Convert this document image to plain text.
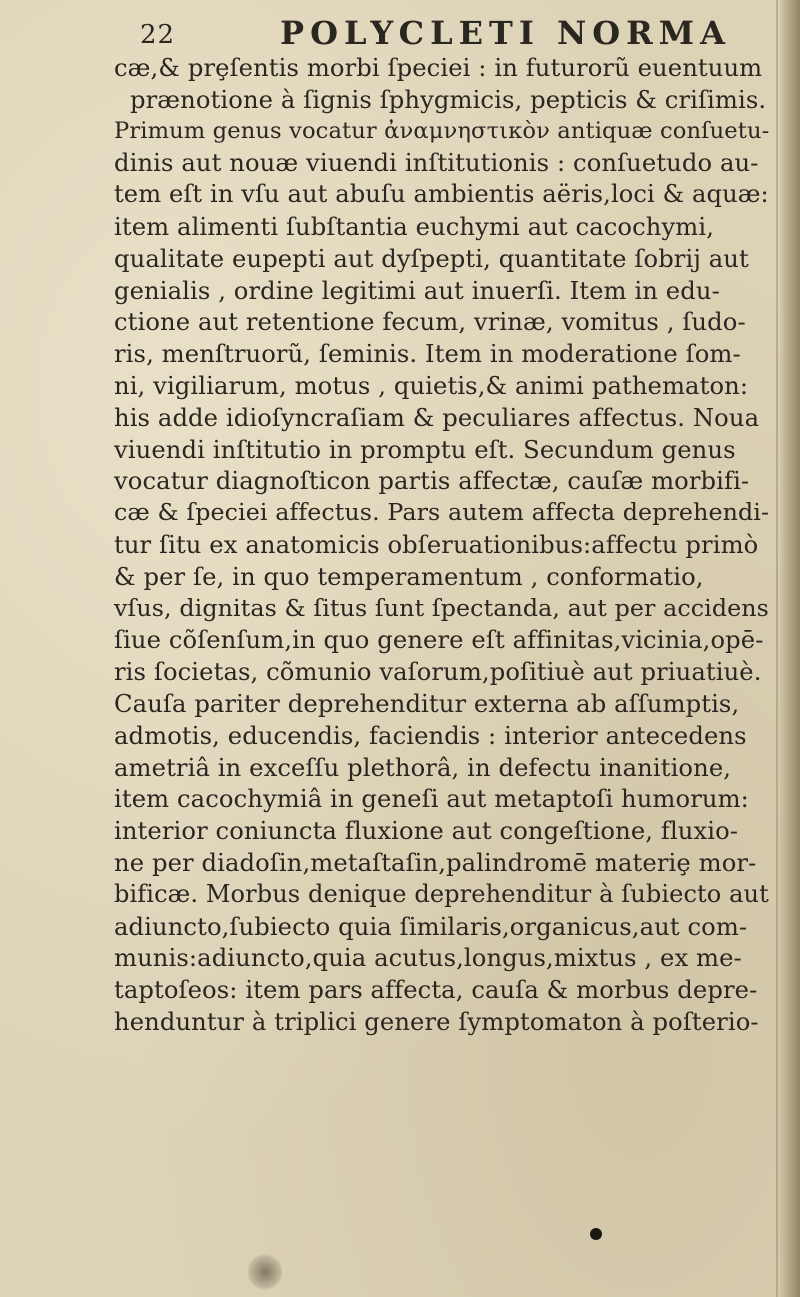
22	POLYCLETI NORMA
cæ,& prȩſentis morbi ſpeciei : in futurorũ euentuum
prænotione à ſignis ſphygmicis, pepticis & criſimis.
Primum genus vocatur ἀναμνηστικὸν antiquæ conſuetu-
dinis aut nouæ viuendi inſtitutionis : conſuetudo au-
tem eſt in vſu aut abuſu ambientis aëris,loci & aquæ:
item alimenti ſubſtantia euchymi aut cacochymi,
qualitate eupepti aut dyſpepti, quantitate ſobrij aut
genialis , ordine legitimi aut inuerſi. Item in edu-
ctione aut retentione fecum, vrinæ, vomitus , ſudo-
ris, menſtruorũ, ſeminis. Item in moderatione ſom-
ni, vigiliarum, motus , quietis,& animi pathematon:
his adde idioſyncraſiam & peculiares affectus. Noua
viuendi inſtitutio in promptu eſt. Secundum genus
vocatur diagnoſticon partis affectæ, cauſæ morbifi-
cæ & ſpeciei affectus. Pars autem affecta deprehendi-
tur ſitu ex anatomicis obſeruationibus:affectu primò
& per ſe, in quo temperamentum , conformatio,
vſus, dignitas & ſitus ſunt ſpectanda, aut per accidens
ſiue cõſenſum,in quo genere eſt affinitas,vicinia,opē-
ris ſocietas, cõmunio vaſorum,poſitiuè aut priuatiuè.
Cauſa pariter deprehenditur externa ab aſſumptis,
admotis, educendis, faciendis : interior antecedens
ametriâ in exceſſu plethorâ, in defectu inanitione,
item cacochymiâ in geneſi aut metaptoſi humorum:
interior coniuncta fluxione aut congeſtione, fluxio-
ne per diadoſin,metaſtaſin,palindromē materiȩ mor-
bificæ. Morbus denique deprehenditur à ſubiecto aut
adiuncto,ſubiecto quia ſimilaris,organicus,aut com-
munis:adiuncto,quia acutus,longus,mixtus , ex me-
taptoſeos: item pars affecta, cauſa & morbus depre-
henduntur à triplici genere ſymptomaton à poſterio-
